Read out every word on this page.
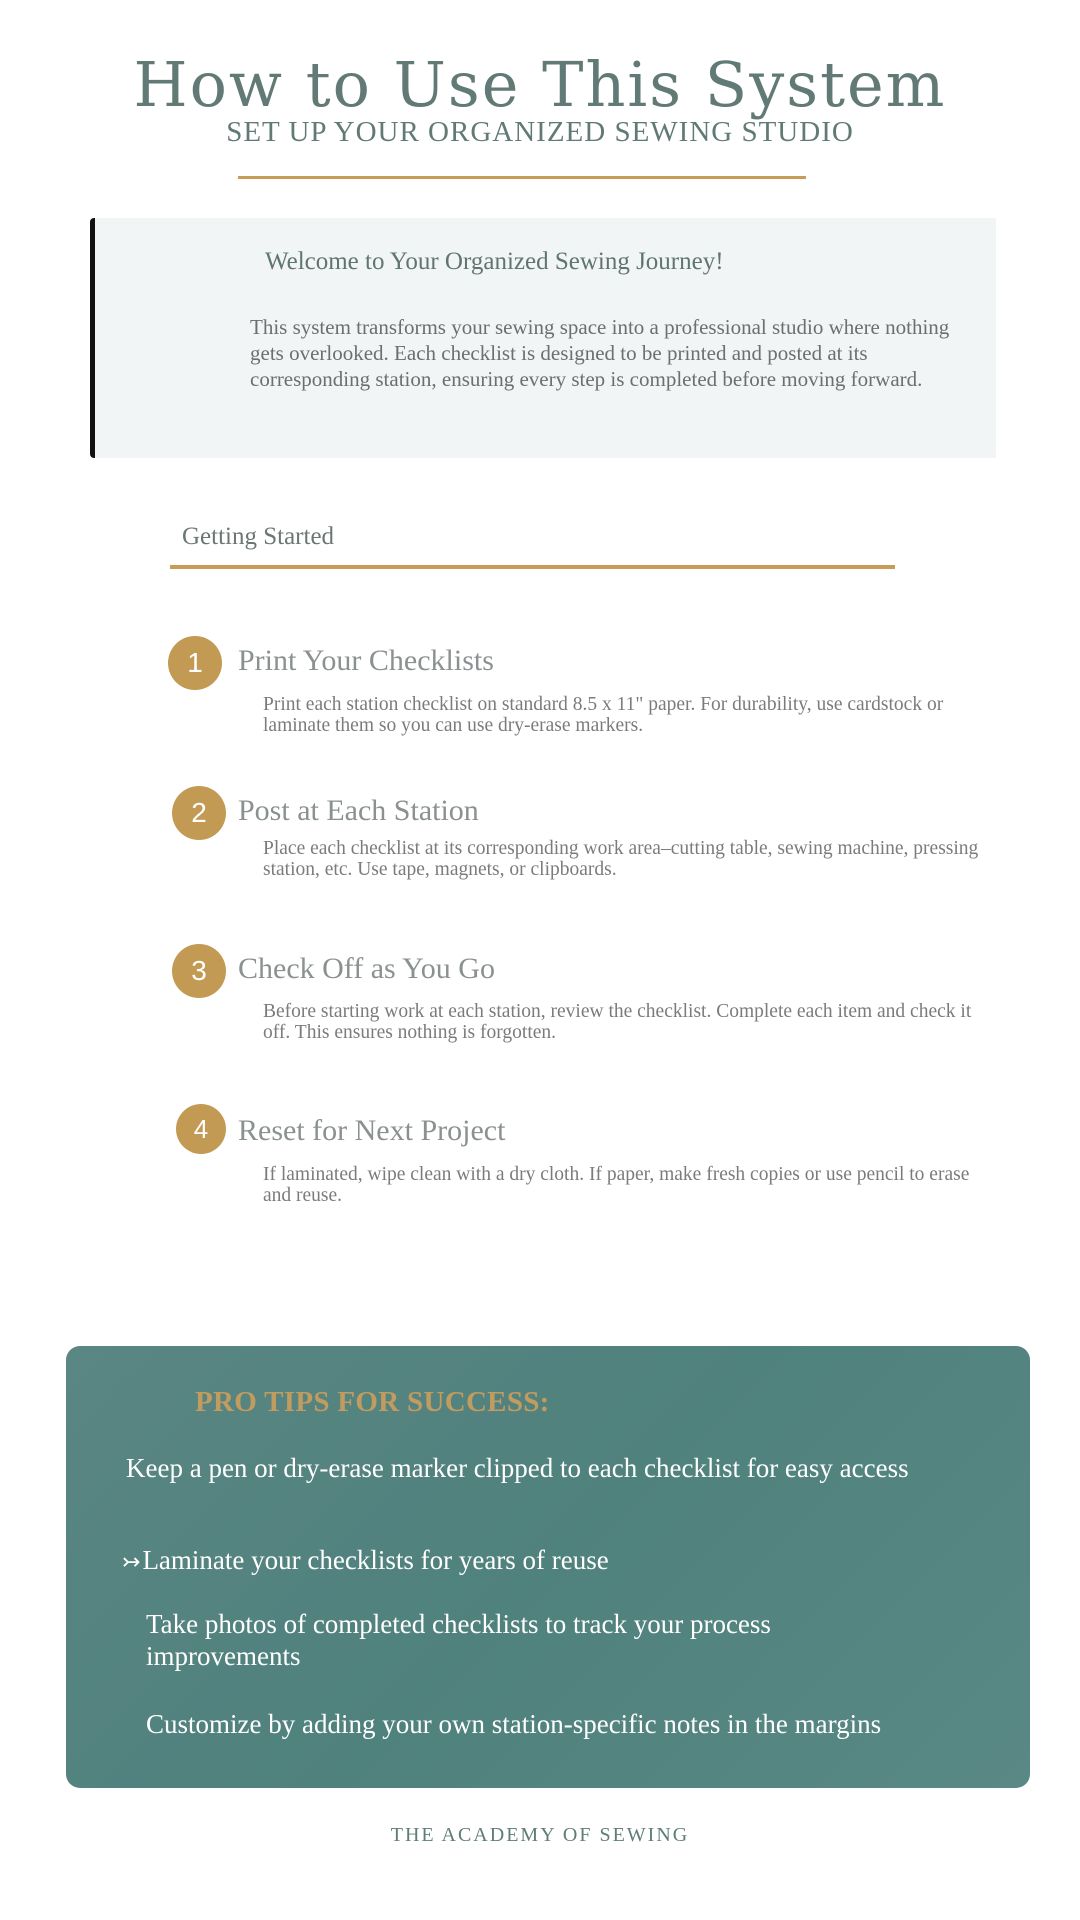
How to Use This System
SET UP YOUR ORGANIZED SEWING STUDIO
Welcome to Your Organized Sewing Journey!
This system transforms your sewing space into a professional studio where nothing gets overlooked. Each checklist is designed to be printed and posted at its corresponding station, ensuring every step is completed before moving forward.
Getting Started
1	Print Your Checklists
Print each station checklist on standard 8.5 x 11" paper. For durability, use cardstock or laminate them so you can use dry-erase markers.
2	Post at Each Station
Place each checklist at its corresponding work area–cutting table, sewing machine, pressing station, etc. Use tape, magnets, or clipboards.
3	Check Off as You Go
Before starting work at each station, review the checklist. Complete each item and check it off. This ensures nothing is forgotten.
4 Reset for Next Project
If laminated, wipe clean with a dry cloth. If paper, make fresh copies or use pencil to erase and reuse.
PRO TIPS FOR SUCCESS:
Keep a pen or dry-erase marker clipped to each checklist for easy access
↣Laminate your checklists for years of reuse
Take photos of completed checklists to track your process improvements
Customize by adding your own station-specific notes in the margins
THE ACADEMY OF SEWING
